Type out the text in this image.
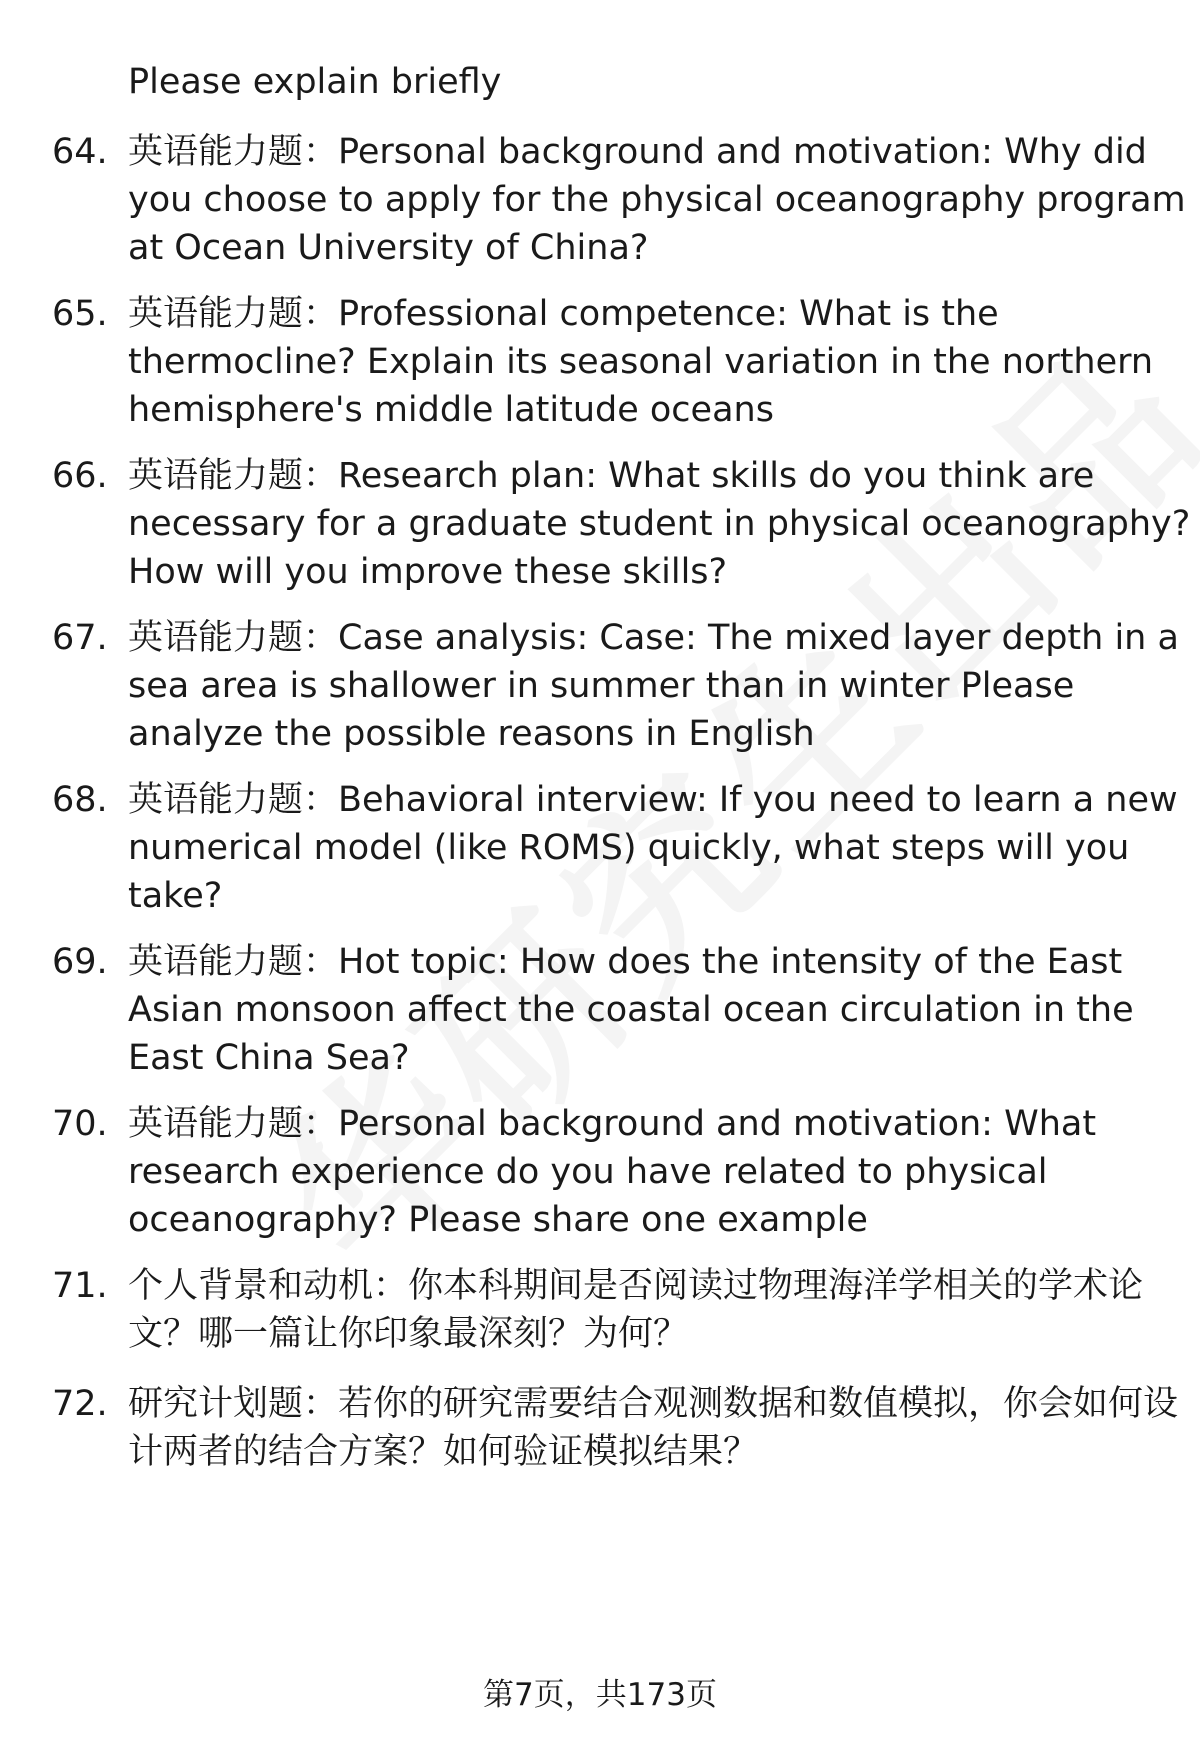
Please explain briefly
64. 英语能力题：Personal background and motivation: Why did you choose to apply for the physical oceanography program at Ocean University of China?
65. 英语能力题：Professional competence: What is the thermocline? Explain its seasonal variation in the northern hemisphere's middle latitude oceans
66. 英语能力题：Research plan: What skills do you think are necessary for a graduate student in physical oceanography? How will you improve these skills?
67. 英语能力题：Case analysis: Case: The mixed layer depth in a sea area is shallower in summer than in winter Please analyze the possible reasons in English
68. 英语能力题：Behavioral interview: If you need to learn a new numerical model (like ROMS) quickly, what steps will you take?
69. 英语能力题：Hot topic: How does the intensity of the East Asian monsoon affect the coastal ocean circulation in the East China Sea?
70. 英语能力题：Personal background and motivation: What research experience do you have related to physical oceanography? Please share one example
71. 个人背景和动机：你本科期间是否阅读过物理海洋学相关的学术论文？哪一篇让你印象最深刻？为何？
72. 研究计划题：若你的研究需要结合观测数据和数值模拟，你会如何设计两者的结合方案？如何验证模拟结果？
第7页，共173页
